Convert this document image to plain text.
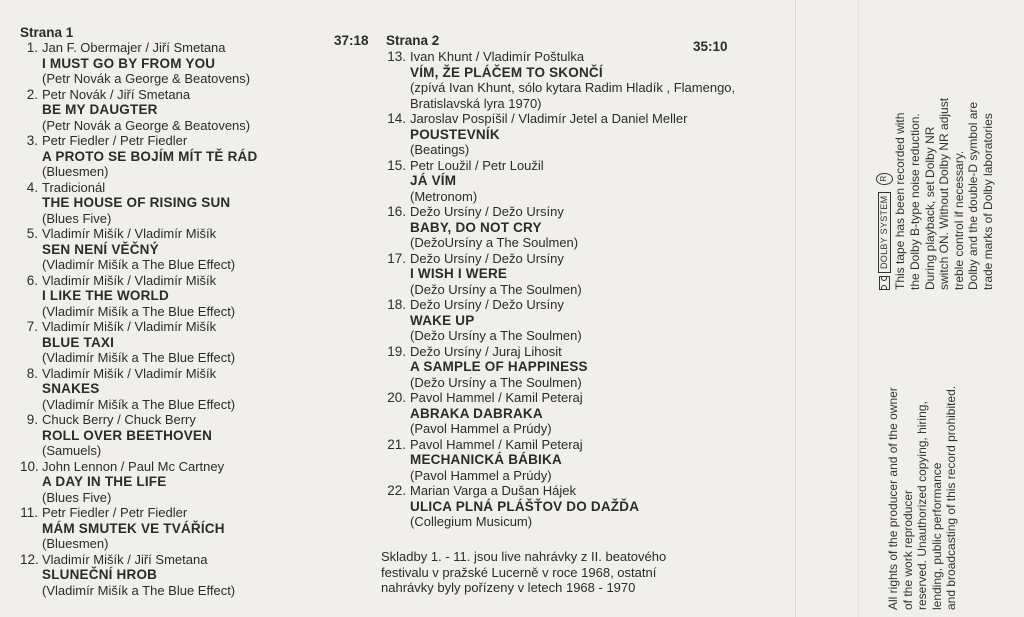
Strana 1
37:18 Strana 2	35:10
1. Jan F. Obermajer / Jiří Smetana
I MUST GO BY FROM YOU
(Petr Novák a George & Beatovens)
2. Petr Novák / Jiří Smetana
BE MY DAUGTER
(Petr Novák a George & Beatovens)
3. Petr Fiedler / Petr Fiedler
A PROTO SE BOJÍM MÍT TĚ RÁD
(Bluesmen)
4. Tradicionál
THE HOUSE OF RISING SUN
(Blues Five)
5. Vladimír Mišík / Vladimír Mišík
SEN NENÍ VĚČNÝ
(Vladimír Mišík a The Blue Effect)
6. Vladimír Mišík / Vladimír Mišík
I LIKE THE WORLD
(Vladimír Mišík a The Blue Effect)
7. Vladimír Mišík / Vladimír Mišík
BLUE TAXI
(Vladimír Mišík a The Blue Effect)
8. Vladimír Mišík / Vladimír Mišík
SNAKES
(Vladimír Mišík a The Blue Effect)
9. Chuck Berry / Chuck Berry
ROLL OVER BEETHOVEN
(Samuels)
10. John Lennon / Paul Mc Cartney
A DAY IN THE LIFE
(Blues Five)
11. Petr Fiedler / Petr Fiedler
MÁM SMUTEK VE TVÁŘÍCH
(Bluesmen)
12. Vladimír Mišík / Jiří Smetana
SLUNEČNÍ HROB
(Vladimír Mišík a The Blue Effect)
13. Ivan Khunt / Vladimír Poštulka
VÍM, ŽE PLÁČEM TO SKONČÍ
(zpívá Ivan Khunt, sólo kytara Radim Hladík , Flamengo, Bratislavská lyra 1970)
14. Jaroslav Pospíšil / Vladimír Jetel a Daniel Meller
POUSTEVNÍK
(Beatings)
15. Petr Loužil / Petr Loužil
JÁ VÍM
(Metronom)
16. Dežo Ursíny / Dežo Ursíny
BABY, DO NOT CRY
(DežoUrsíny a The Soulmen)
17. Dežo Ursíny / Dežo Ursíny
I WISH I WERE
(Dežo Ursíny a The Soulmen)
18. Dežo Ursíny / Dežo Ursíny
WAKE UP
(Dežo Ursíny a The Soulmen)
19. Dežo Ursíny / Juraj Lihosit
A SAMPLE OF HAPPINESS
(Dežo Ursíny a The Soulmen)
20. Pavol Hammel / Kamil Peteraj
ABRAKA DABRAKA
(Pavol Hammel a Prúdy)
21. Pavol Hammel / Kamil Peteraj
MECHANICKÁ BÁBIKA
(Pavol Hammel a Prúdy)
22. Marian Varga a Dušan Hájek
ULICA PLNÁ PLÁŠŤOV DO DAŽĎA
(Collegium Musicum)
Skladby 1. - 11. jsou live nahrávky z II. beatového
festivalu v pražské Lucerně v roce 1968, ostatní
nahrávky byly pořízeny v letech 1968 - 1970
DOLBY SYSTEM
R This tape has been recorded with the Dolby B-type noise reduction. During playback, set Dolby NR switch ON. Without Dolby NR adjust treble control if necessary. Dolby and the double-D symbol are trade marks of Dolby laboratories
All rights of the producer and of the owner of the work reproducer reserved. Unauthorized copying, hiring, lending, public performance and broadcasting of this record prohibited.
